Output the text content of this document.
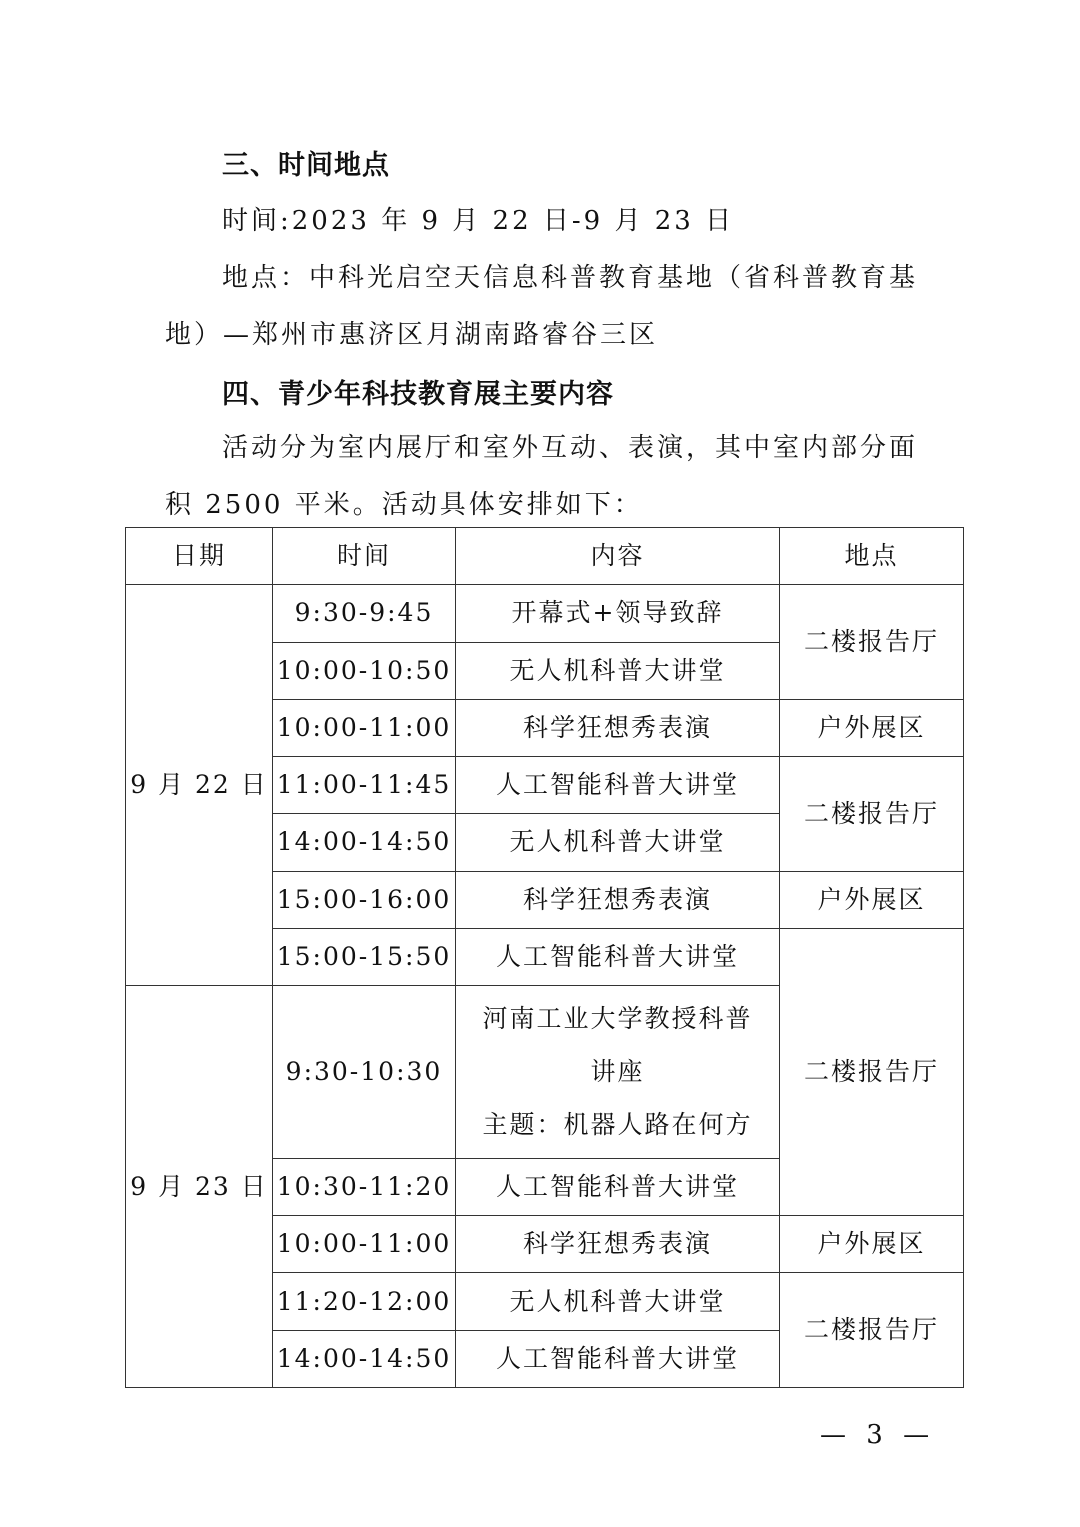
三、时间地点
时间:2023 年 9 月 22 日-9 月 23 日
地点：中科光启空天信息科普教育基地（省科普教育基
地）—郑州市惠济区月湖南路睿谷三区
四、青少年科技教育展主要内容
活动分为室内展厅和室外互动、表演，其中室内部分面
积 2500 平米。活动具体安排如下：
日期	时间	内容	地点
9 月 22 日	9:30-9:45	开幕式+领导致辞	二楼报告厅
	10:00-10:50	无人机科普大讲堂	
	10:00-11:00	科学狂想秀表演	户外展区
	11:00-11:45	人工智能科普大讲堂	二楼报告厅
	14:00-14:50	无人机科普大讲堂	
	15:00-16:00	科学狂想秀表演	户外展区
	15:00-15:50	人工智能科普大讲堂	二楼报告厅
9 月 23 日	9:30-10:30	河南工业大学教授科普
讲座
主题：机器人路在何方	

	10:30-11:20	人工智能科普大讲堂	
	10:00-11:00	科学狂想秀表演	户外展区
	11:20-12:00	无人机科普大讲堂	二楼报告厅
	14:00-14:50	人工智能科普大讲堂	
— 3 —
